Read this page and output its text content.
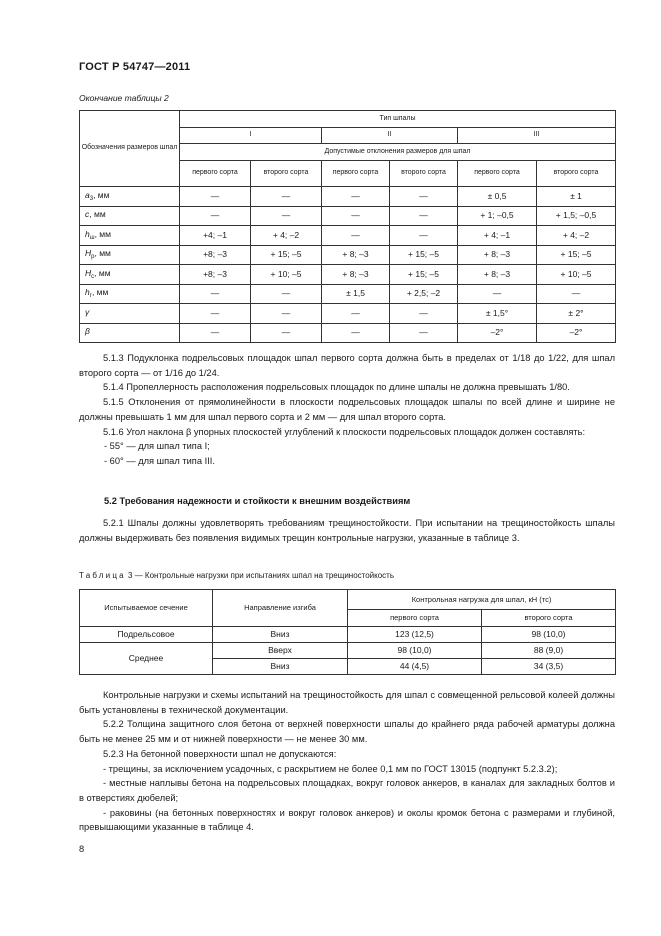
ГОСТ Р 54747—2011
Окончание таблицы 2
Обозначения размеров шпал	Тип шпалы					
	I		II		III	
	Допустимые отклонения размеров для шпал					
	первого сорта	второго сорта	первого сорта	второго сорта	первого сорта	второго сорта
$a_3$, мм	—	—	—	—	± 0,5	± 1
c, мм	—	—	—	—	+ 1; –0,5	+ 1,5; –0,5
$h_ш$, мм	+4; –1	+ 4; –2	—	—	+ 4; –1	+ 4; –2
$H_р$, мм	+8; –3	+ 15; –5	+ 8; –3	+ 15; –5	+ 8; –3	+ 15; –5
$H_с$, мм	+8; –3	+ 10; –5	+ 8; –3	+ 15; –5	+ 8; –3	+ 10; –5
$h_г$, мм	—	—	± 1,5	+ 2,5; –2	—	—
γ	—	—	—	—	± 1,5°	± 2°
β	—	—	—	—	–2°	–2°

5.1.3 Подуклонка подрельсовых площадок шпал первого сорта должна быть в пределах от 1/18 до 1/22, для шпал второго сорта — от 1/16 до 1/24.

5.1.4 Пропеллерность расположения подрельсовых площадок по длине шпалы не должна превышать 1/80.

5.1.5 Отклонения от прямолинейности в плоскости подрельсовых площадок шпалы по всей длине и ширине не должны превышать 1 мм для шпал первого сорта и 2 мм — для шпал второго сорта.

5.1.6 Угол наклона β упорных плоскостей углублений к плоскости подрельсовых площадок должен составлять:

- 55° — для шпал типа I;

- 60° — для шпал типа III.

5.2 Требования надежности и стойкости к внешним воздействиям

5.2.1 Шпалы должны удовлетворять требованиям трещиностойкости. При испытании на трещиностойкость шпалы должны выдерживать без появления видимых трещин контрольные нагрузки, указанные в таблице 3.

Таблица 3 — Контрольные нагрузки при испытаниях шпал на трещиностойкость
Испытываемое сечение	Направление изгиба	Контрольная нагрузка для шпал, кН (тс)	
		первого сорта	второго сорта
Подрельсовое	Вниз	123 (12,5)	98 (10,0)
Среднее	Вверх	98 (10,0)	88 (9,0)
	Вниз	44 (4,5)	34 (3,5)

Контрольные нагрузки и схемы испытаний на трещиностойкость для шпал с совмещенной рельсовой колеей должны быть установлены в технической документации.

5.2.2 Толщина защитного слоя бетона от верхней поверхности шпалы до крайнего ряда рабочей арматуры должна быть не менее 25 мм и от нижней поверхности — не менее 30 мм.

5.2.3 На бетонной поверхности шпал не допускаются:

- трещины, за исключением усадочных, с раскрытием не более 0,1 мм по ГОСТ 13015 (подпункт 5.2.3.2);

- местные наплывы бетона на подрельсовых площадках, вокруг головок анкеров, в каналах для закладных болтов и в отверстиях дюбелей;

- раковины (на бетонных поверхностях и вокруг головок анкеров) и околы кромок бетона с размерами и глубиной, превышающими указанные в таблице 4.

8
